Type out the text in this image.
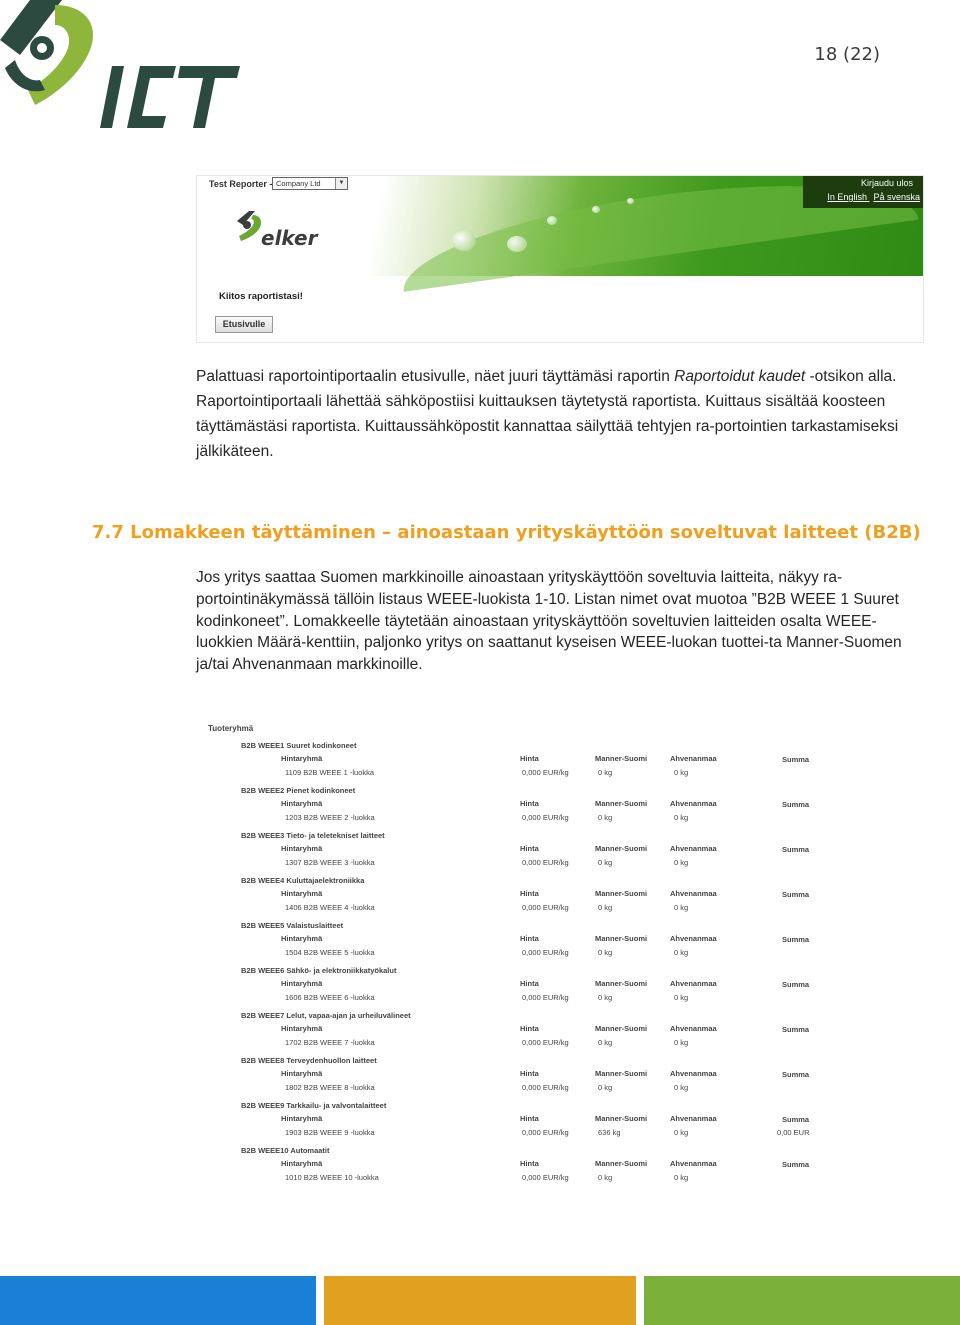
18 (22)
Test Reporter - Company Ltd	▼	Kirjaudu ulos
In English På svenska
elker
Kiitos raportistasi!
Etusivulle
Palattuasi raportointiportaalin etusivulle, näet juuri täyttämäsi raportin Raportoidut kaudet -otsikon alla. Raportointiportaali lähettää sähköpostiisi kuittauksen täytetystä raportista. Kuittaus sisältää koosteen täyttämästäsi raportista. Kuittaussähköpostit kannattaa säilyttää tehtyjen ra-portointien tarkastamiseksi jälkikäteen.
7.7 Lomakkeen täyttäminen – ainoastaan yrityskäyttöön soveltuvat laitteet (B2B)
Jos yritys saattaa Suomen markkinoille ainoastaan yrityskäyttöön soveltuvia laitteita, näkyy ra-portointinäkymässä tällöin listaus WEEE-luokista 1-10. Listan nimet ovat muotoa ”B2B WEEE 1 Suuret kodinkoneet”. Lomakkeelle täytetään ainoastaan yrityskäyttöön soveltuvien laitteiden osalta WEEE-luokkien Määrä-kenttiin, paljonko yritys on saattanut kyseisen WEEE-luokan tuottei-ta Manner-Suomen ja/tai Ahvenanmaan markkinoille.
Tuoteryhmä
B2B WEEE1 Suuret kodinkoneet
Hintaryhmä
1109 B2B WEEE 1 -luokka
Hinta	Manner-Suomi	Ahvenanmaa	Summa
0,000 EUR/kg	0 kg	0 kg
B2B WEEE2 Pienet kodinkoneet
Hintaryhmä
1203 B2B WEEE 2 -luokka
Hinta	Manner-Suomi	Ahvenanmaa	Summa
0,000 EUR/kg	0 kg	0 kg
B2B WEEE3 Tieto- ja teletekniset laitteet
Hintaryhmä
1307 B2B WEEE 3 -luokka
Hinta	Manner-Suomi	Ahvenanmaa	Summa
0,000 EUR/kg	0 kg	0 kg
B2B WEEE4 Kuluttajaelektroniikka
Hintaryhmä
1406 B2B WEEE 4 -luokka
Hinta	Manner-Suomi	Ahvenanmaa	Summa
0,000 EUR/kg	0 kg	0 kg
B2B WEEE5 Valaistuslaitteet
Hintaryhmä
1504 B2B WEEE 5 -luokka
Hinta	Manner-Suomi	Ahvenanmaa	Summa
0,000 EUR/kg	0 kg	0 kg
B2B WEEE6 Sähkö- ja elektroniikkatyökalut
Hintaryhmä
1606 B2B WEEE 6 -luokka
Hinta	Manner-Suomi	Ahvenanmaa	Summa
0,000 EUR/kg	0 kg	0 kg
B2B WEEE7 Lelut, vapaa-ajan ja urheiluvälineet
Hintaryhmä
1702 B2B WEEE 7 -luokka
Hinta	Manner-Suomi	Ahvenanmaa	Summa
0,000 EUR/kg	0 kg	0 kg
B2B WEEE8 Terveydenhuollon laitteet
Hintaryhmä
1802 B2B WEEE 8 -luokka
Hinta	Manner-Suomi	Ahvenanmaa	Summa
0,000 EUR/kg	0 kg	0 kg
B2B WEEE9 Tarkkailu- ja valvontalaitteet
Hintaryhmä
1903 B2B WEEE 9 -luokka
Hinta	Manner-Suomi	Ahvenanmaa	Summa
0,000 EUR/kg	636 kg	0 kg	0,00 EUR
B2B WEEE10 Automaatit
Hintaryhmä
1010 B2B WEEE 10 -luokka
Hinta	Manner-Suomi	Ahvenanmaa	Summa
0,000 EUR/kg	0 kg	0 kg
